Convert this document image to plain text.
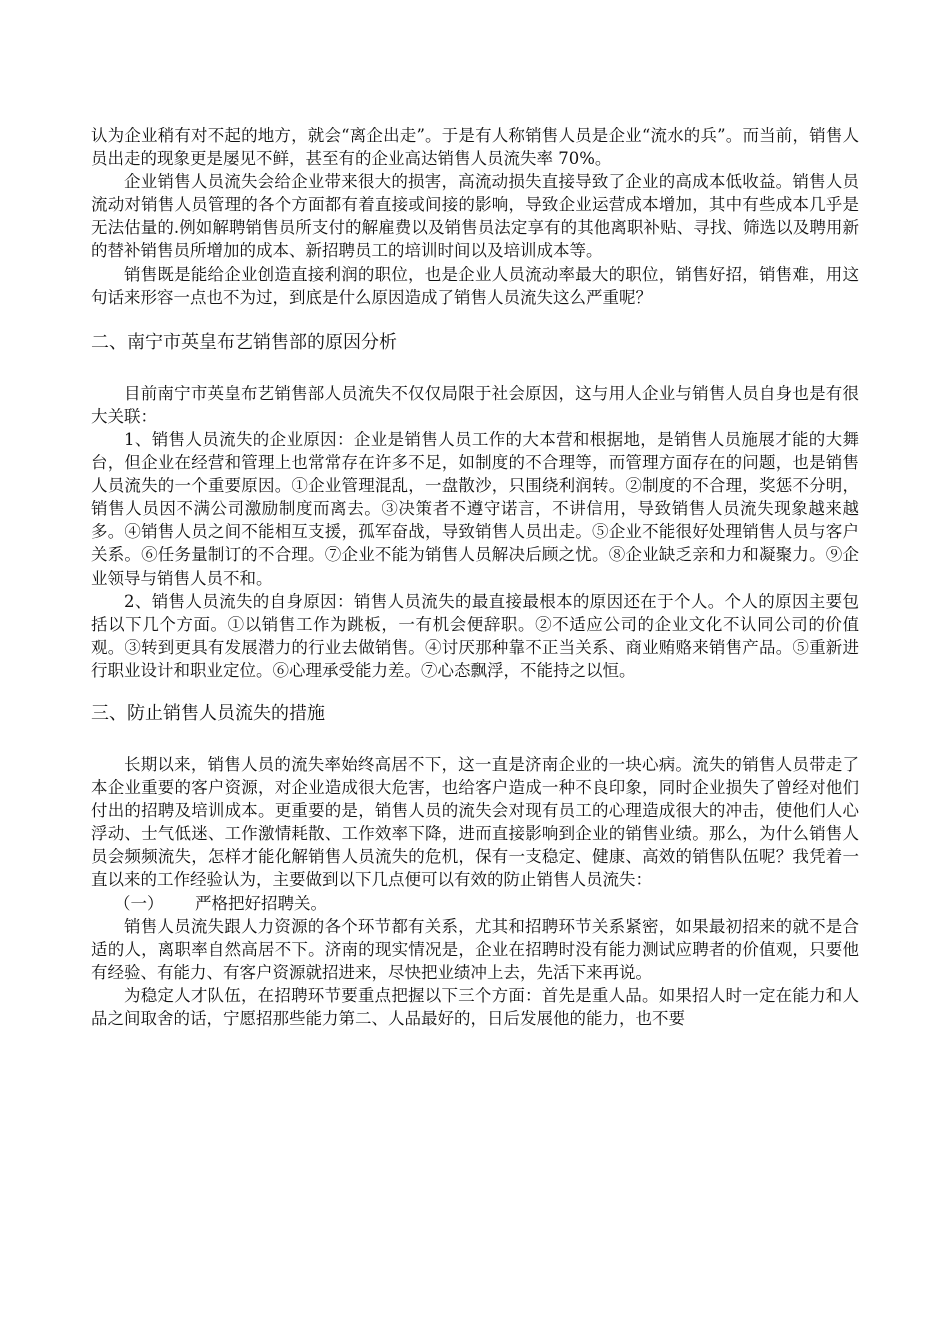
认为企业稍有对不起的地方，就会“离企出走”。于是有人称销售人员是企业“流水的兵”。而当前，销售人员出走的现象更是屡见不鲜，甚至有的企业高达销售人员流失率 70%。

企业销售人员流失会给企业带来很大的损害，高流动损失直接导致了企业的高成本低收益。销售人员流动对销售人员管理的各个方面都有着直接或间接的影响，导致企业运营成本增加，其中有些成本几乎是无法估量的.例如解聘销售员所支付的解雇费以及销售员法定享有的其他离职补贴、寻找、筛选以及聘用新的替补销售员所增加的成本、新招聘员工的培训时间以及培训成本等。

销售既是能给企业创造直接利润的职位，也是企业人员流动率最大的职位，销售好招，销售难，用这句话来形容一点也不为过，到底是什么原因造成了销售人员流失这么严重呢？

二、南宁市英皇布艺销售部的原因分析

目前南宁市英皇布艺销售部人员流失不仅仅局限于社会原因，这与用人企业与销售人员自身也是有很大关联：

1、销售人员流失的企业原因：企业是销售人员工作的大本营和根据地，是销售人员施展才能的大舞台，但企业在经营和管理上也常常存在许多不足，如制度的不合理等，而管理方面存在的问题，也是销售人员流失的一个重要原因。①企业管理混乱，一盘散沙，只围绕利润转。②制度的不合理，奖惩不分明，销售人员因不满公司激励制度而离去。③决策者不遵守诺言，不讲信用，导致销售人员流失现象越来越多。④销售人员之间不能相互支援，孤军奋战，导致销售人员出走。⑤企业不能很好处理销售人员与客户关系。⑥任务量制订的不合理。⑦企业不能为销售人员解决后顾之忧。⑧企业缺乏亲和力和凝聚力。⑨企业领导与销售人员不和。

2、销售人员流失的自身原因：销售人员流失的最直接最根本的原因还在于个人。个人的原因主要包括以下几个方面。①以销售工作为跳板，一有机会便辞职。②不适应公司的企业文化不认同公司的价值观。③转到更具有发展潜力的行业去做销售。④讨厌那种靠不正当关系、商业贿赂来销售产品。⑤重新进行职业设计和职业定位。⑥心理承受能力差。⑦心态飘浮，不能持之以恒。

三、防止销售人员流失的措施

长期以来，销售人员的流失率始终高居不下，这一直是济南企业的一块心病。流失的销售人员带走了本企业重要的客户资源，对企业造成很大危害，也给客户造成一种不良印象，同时企业损失了曾经对他们付出的招聘及培训成本。更重要的是，销售人员的流失会对现有员工的心理造成很大的冲击，使他们人心浮动、士气低迷、工作激情耗散、工作效率下降，进而直接影响到企业的销售业绩。那么，为什么销售人员会频频流失，怎样才能化解销售人员流失的危机，保有一支稳定、健康、高效的销售队伍呢？我凭着一直以来的工作经验认为，主要做到以下几点便可以有效的防止销售人员流失：

（一）      严格把好招聘关。

销售人员流失跟人力资源的各个环节都有关系，尤其和招聘环节关系紧密，如果最初招来的就不是合适的人，离职率自然高居不下。济南的现实情况是，企业在招聘时没有能力测试应聘者的价值观，只要他有经验、有能力、有客户资源就招进来，尽快把业绩冲上去，先活下来再说。

为稳定人才队伍，在招聘环节要重点把握以下三个方面：首先是重人品。如果招人时一定在能力和人品之间取舍的话，宁愿招那些能力第二、人品最好的，日后发展他的能力，也不要
